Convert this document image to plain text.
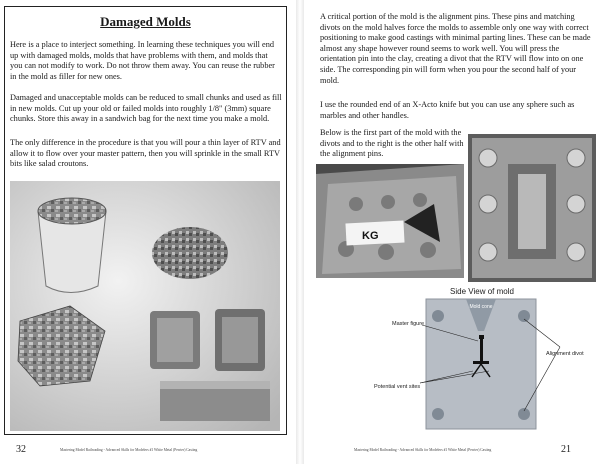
Damaged Molds

Here is a place to interject something. In learning these techniques you will end up with damaged molds, molds that have problems with them, and molds that you can not modify to work. Do not throw them away. You can reuse the rubber in the mold as filler for new ones.

Damaged and unacceptable molds can be reduced to small chunks and used as fill in new molds. Cut up your old or failed molds into roughly 1/8" (3mm) square chunks. Store this away in a sandwich bag for the next time you make a mold.

The only difference in the procedure is that you will pour a thin layer of RTV and allow it to flow over your master pattern, then you will sprinkle in the small RTV bits like salad croutons.

32	Mastering Model Railroading - Advanced Skills for Modelers #1 White Metal (Pewter) Casting

A critical portion of the mold is the alignment pins. These pins and matching divots on the mold halves force the molds to assemble only one way with correct positioning to make good castings with minimal parting lines. These can be made almost any shape however round seems to work well. You will press the orientation pin into the clay, creating a divot that the RTV will flow into on one side. The corresponding pin will form when you pour the second half of your mold.

I use the rounded end of an X-Acto knife but you can use any sphere such as marbles and other handles.

Below is the first part of the mold with the divots and to the right is the other half with the alignment pins.

KG
Side View of mold
Mold cone
Master figure
Potential vent sites
Alignment divot
Mastering Model Railroading - Advanced Skills for Modelers #1 White Metal (Pewter) Casting	21
